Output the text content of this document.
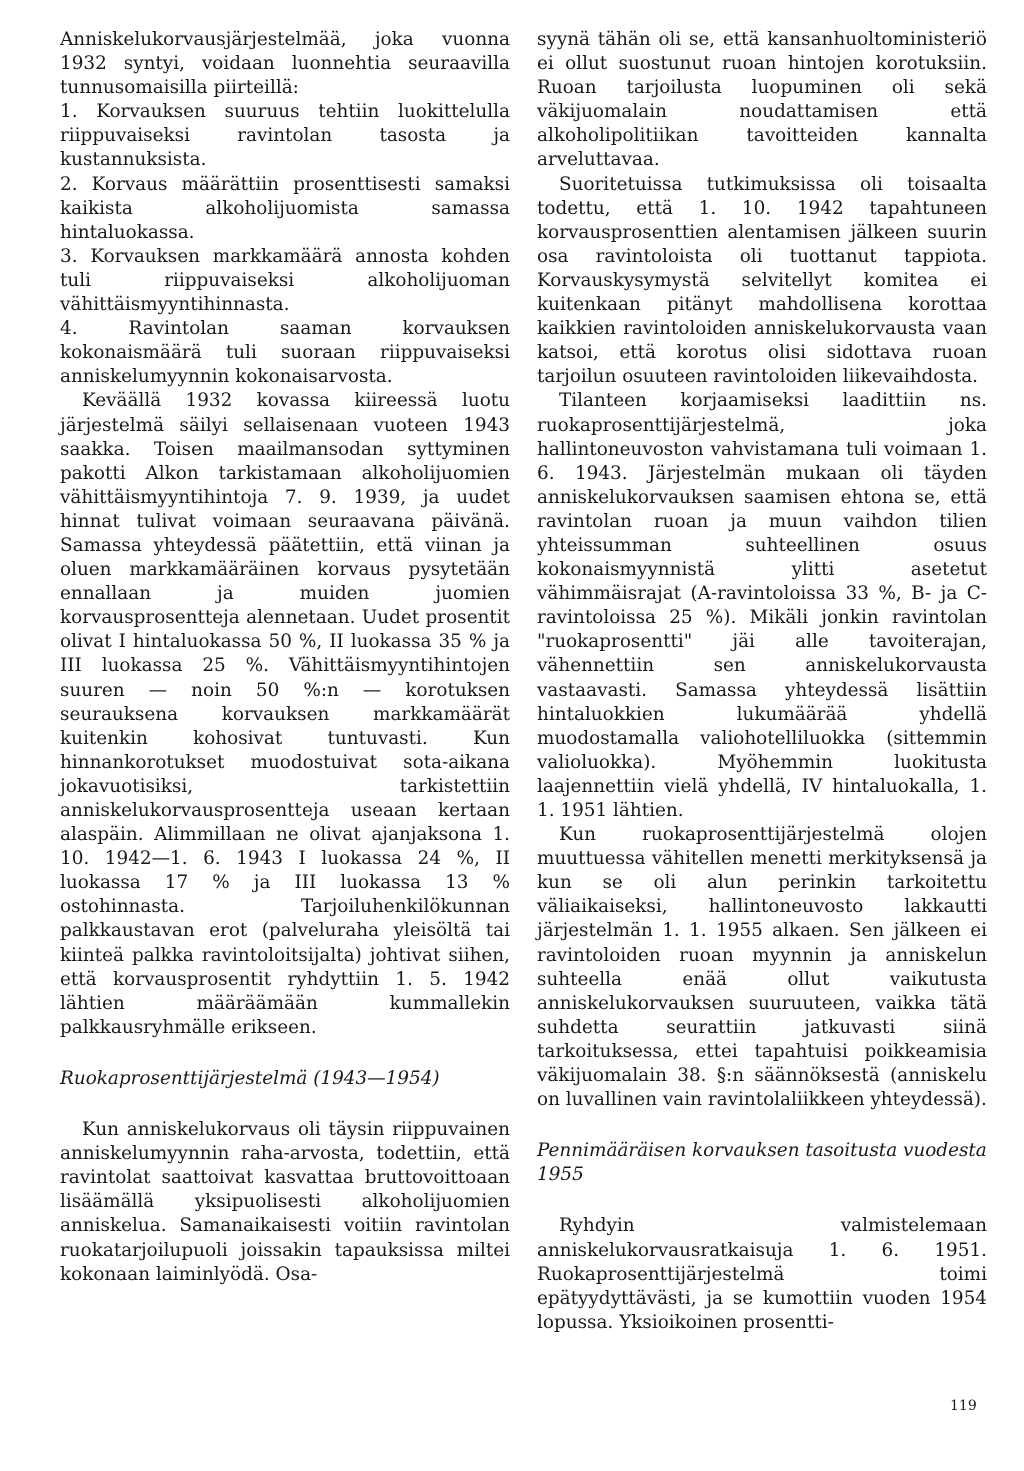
Anniskelukorvausjärjestelmää, joka vuonna 1932 syntyi, voidaan luonnehtia seuraavilla tunnusomaisilla piirteillä:

1. Korvauksen suuruus tehtiin luokittelulla riippuvaiseksi ravintolan tasosta ja kustannuksista.

2. Korvaus määrättiin prosenttisesti samaksi kaikista alkoholijuomista samassa hintaluokassa.

3. Korvauksen markkamäärä annosta kohden tuli riippuvaiseksi alkoholijuoman vähittäismyyntihinnasta.

4. Ravintolan saaman korvauksen kokonaismäärä tuli suoraan riippuvaiseksi anniskelumyynnin kokonaisarvosta.

Keväällä 1932 kovassa kiireessä luotu järjestelmä säilyi sellaisenaan vuoteen 1943 saakka. Toisen maailmansodan syttyminen pakotti Alkon tarkistamaan alkoholijuomien vähittäismyyntihintoja 7. 9. 1939, ja uudet hinnat tulivat voimaan seuraavana päivänä. Samassa yhteydessä päätettiin, että viinan ja oluen markkamääräinen korvaus pysytetään ennallaan ja muiden juomien korvausprosentteja alennetaan. Uudet prosentit olivat I hintaluokassa 50 %, II luokassa 35 % ja III luokassa 25 %. Vähittäismyyntihintojen suuren — noin 50 %:n — korotuksen seurauksena korvauksen markkamäärät kuitenkin kohosivat tuntuvasti. Kun hinnankorotukset muodostuivat sota-aikana jokavuotisiksi, tarkistettiin anniskelukorvausprosentteja useaan kertaan alaspäin. Alimmillaan ne olivat ajanjaksona 1. 10. 1942—1. 6. 1943 I luokassa 24 %, II luokassa 17 % ja III luokassa 13 % ostohinnasta. Tarjoiluhenkilökunnan palkkaustavan erot (palveluraha yleisöltä tai kiinteä palkka ravintoloitsijalta) johtivat siihen, että korvausprosentit ryhdyttiin 1. 5. 1942 lähtien määräämään kummallekin palkkausryhmälle erikseen.

Ruokaprosenttijärjestelmä (1943—1954)

Kun anniskelukorvaus oli täysin riippuvainen anniskelumyynnin raha-arvosta, todettiin, että ravintolat saattoivat kasvattaa bruttovoittoaan lisäämällä yksipuolisesti alkoholijuomien anniskelua. Samanaikaisesti voitiin ravintolan ruokatarjoilupuoli joissakin tapauksissa miltei kokonaan laiminlyödä. Osa-

syynä tähän oli se, että kansanhuoltoministeriö ei ollut suostunut ruoan hintojen korotuksiin. Ruoan tarjoilusta luopuminen oli sekä väkijuomalain noudattamisen että alkoholipolitiikan tavoitteiden kannalta arveluttavaa.

Suoritetuissa tutkimuksissa oli toisaalta todettu, että 1. 10. 1942 tapahtuneen korvausprosenttien alentamisen jälkeen suurin osa ravintoloista oli tuottanut tappiota. Korvauskysymystä selvitellyt komitea ei kuitenkaan pitänyt mahdollisena korottaa kaikkien ravintoloiden anniskelukorvausta vaan katsoi, että korotus olisi sidottava ruoan tarjoilun osuuteen ravintoloiden liikevaihdosta.

Tilanteen korjaamiseksi laadittiin ns. ruokaprosenttijärjestelmä, joka hallintoneuvoston vahvistamana tuli voimaan 1. 6. 1943. Järjestelmän mukaan oli täyden anniskelukorvauksen saamisen ehtona se, että ravintolan ruoan ja muun vaihdon tilien yhteissumman suhteellinen osuus kokonaismyynnistä ylitti asetetut vähimmäisrajat (A-ravintoloissa 33 %, B- ja C-ravintoloissa 25 %). Mikäli jonkin ravintolan "ruokaprosentti" jäi alle tavoiterajan, vähennettiin sen anniskelukorvausta vastaavasti. Samassa yhteydessä lisättiin hintaluokkien lukumäärää yhdellä muodostamalla valiohotelliluokka (sittemmin valioluokka). Myöhemmin luokitusta laajennettiin vielä yhdellä, IV hintaluokalla, 1. 1. 1951 lähtien.

Kun ruokaprosenttijärjestelmä olojen muuttuessa vähitellen menetti merkityksensä ja kun se oli alun perinkin tarkoitettu väliaikaiseksi, hallintoneuvosto lakkautti järjestelmän 1. 1. 1955 alkaen. Sen jälkeen ei ravintoloiden ruoan myynnin ja anniskelun suhteella enää ollut vaikutusta anniskelukorvauksen suuruuteen, vaikka tätä suhdetta seurattiin jatkuvasti siinä tarkoituksessa, ettei tapahtuisi poikkeamisia väkijuomalain 38. §:n säännöksestä (anniskelu on luvallinen vain ravintolaliikkeen yhteydessä).

Pennimääräisen korvauksen tasoitusta vuodesta 1955

Ryhdyin valmistelemaan anniskelukorvausratkaisuja 1. 6. 1951. Ruokaprosenttijärjestelmä toimi epätyydyttävästi, ja se kumottiin vuoden 1954 lopussa. Yksioikoinen prosentti-

119
